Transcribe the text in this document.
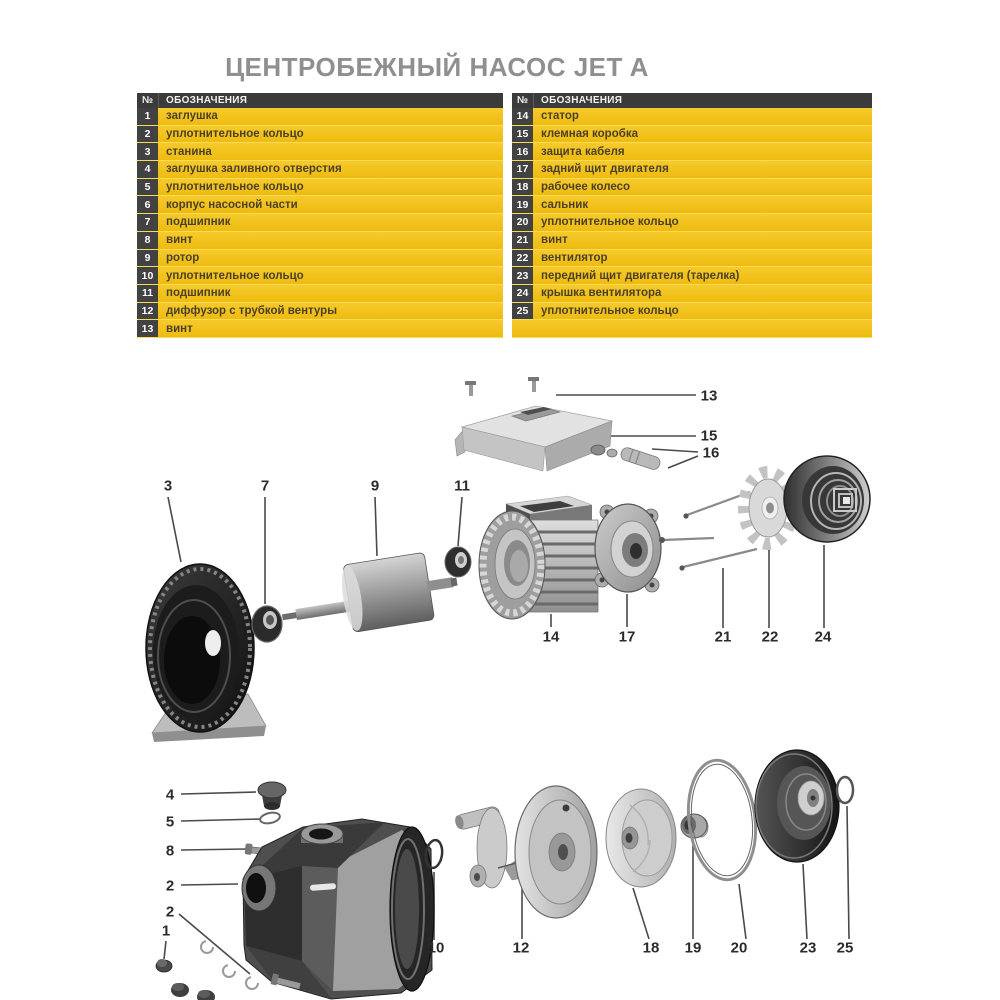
ЦЕНТРОБЕЖНЫЙ НАСОС JET A
№	ОБОЗНАЧЕНИЯ
1	заглушка
2	уплотнительное кольцо
3	станина
4	заглушка заливного отверстия
5	уплотнительное кольцо
6	корпус насосной части
7	подшипник
8	винт
9	ротор
10	уплотнительное кольцо
11	подшипник
12	диффузор с трубкой вентуры
13	винт
№	ОБОЗНАЧЕНИЯ
14	статор
15	клемная коробка
16	защита кабеля
17	задний щит двигателя
18	рабочее колесо
19	сальник
20	уплотнительное кольцо
21	винт
22	вентилятор
23	передний щит двигателя (тарелка)
24	крышка вентилятора
25	уплотнительное кольцо
13
15
16
3	7	9	11
14	17	21 22 24
4
5
8
2
2
1
10	12	18 19 20	23 25
